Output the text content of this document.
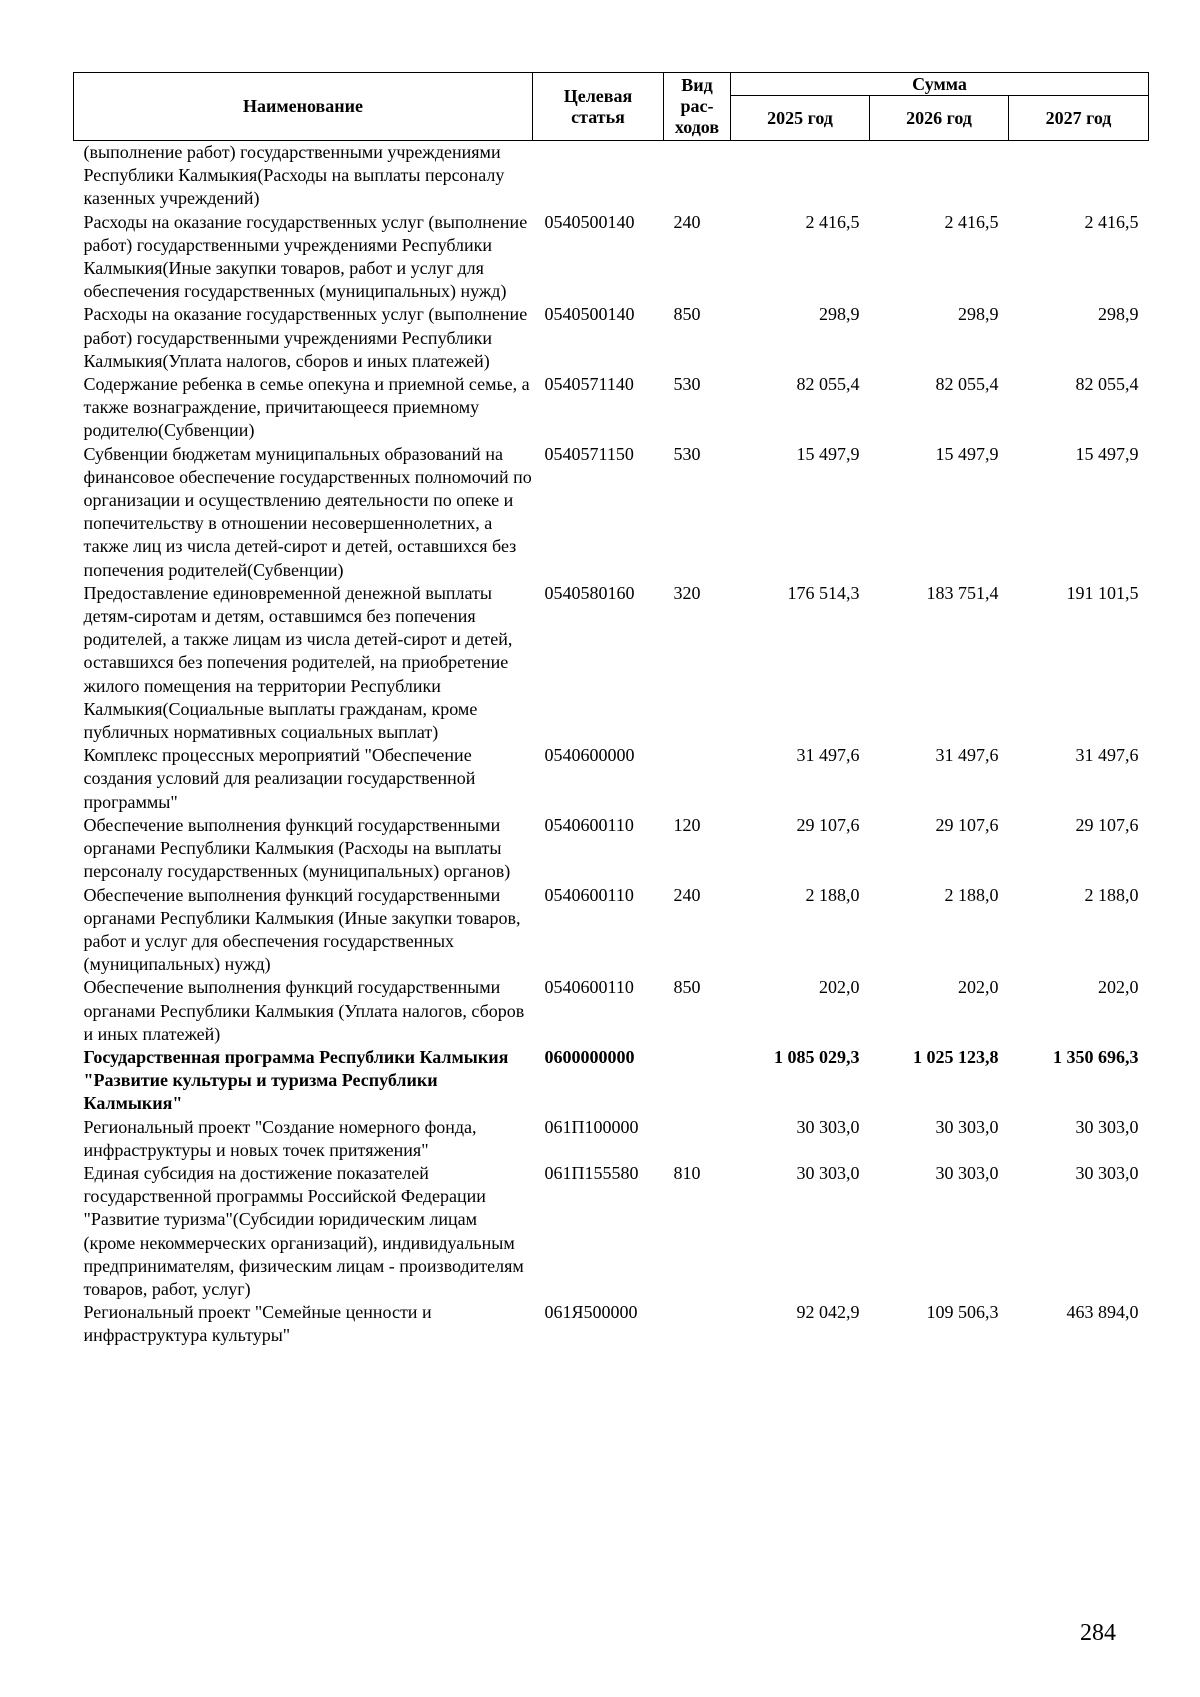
Наименование	Целевая статья	Вид рас-ходов	Сумма		
			2025 год	2026 год	2027 год
(выполнение работ) государственными учреждениями Республики Калмыкия(Расходы на выплаты персоналу казенных учреждений)					
Расходы на оказание государственных услуг (выполнение работ) государственными учреждениями Республики Калмыкия(Иные закупки товаров, работ и услуг для обеспечения государственных (муниципальных) нужд)	0540500140	240	2 416,5	2 416,5	2 416,5
Расходы на оказание государственных услуг (выполнение работ) государственными учреждениями Республики Калмыкия(Уплата налогов, сборов и иных платежей)	0540500140	850	298,9	298,9	298,9
Содержание ребенка в семье опекуна и приемной семье, а также вознаграждение, причитающееся приемному родителю(Субвенции)	0540571140	530	82 055,4	82 055,4	82 055,4
Субвенции бюджетам муниципальных образований на финансовое обеспечение государственных полномочий по организации и осуществлению деятельности по опеке и попечительству в отношении несовершеннолетних, а также лиц из числа детей-сирот и детей, оставшихся без попечения родителей(Субвенции)	0540571150	530	15 497,9	15 497,9	15 497,9
Предоставление единовременной денежной выплаты детям-сиротам и детям, оставшимся без попечения родителей, а также лицам из числа детей-сирот и детей, оставшихся без попечения родителей, на приобретение жилого помещения на территории Республики Калмыкия(Социальные выплаты гражданам, кроме публичных нормативных социальных выплат)	0540580160	320	176 514,3	183 751,4	191 101,5
Комплекс процессных мероприятий "Обеспечение создания условий для реализации государственной программы"	0540600000		31 497,6	31 497,6	31 497,6
Обеспечение выполнения функций государственными органами Республики Калмыкия (Расходы на выплаты персоналу государственных (муниципальных) органов)	0540600110	120	29 107,6	29 107,6	29 107,6
Обеспечение выполнения функций государственными органами Республики Калмыкия (Иные закупки товаров, работ и услуг для обеспечения государственных (муниципальных) нужд)	0540600110	240	2 188,0	2 188,0	2 188,0
Обеспечение выполнения функций государственными органами Республики Калмыкия (Уплата налогов, сборов и иных платежей)	0540600110	850	202,0	202,0	202,0
Государственная программа Республики Калмыкия "Развитие культуры и туризма Республики Калмыкия"	0600000000		1 085 029,3	1 025 123,8	1 350 696,3
Региональный проект "Создание номерного фонда, инфраструктуры и новых точек притяжения"	061П100000		30 303,0	30 303,0	30 303,0
Единая субсидия на достижение показателей государственной программы Российской Федерации "Развитие туризма"(Субсидии юридическим лицам (кроме некоммерческих организаций), индивидуальным предпринимателям, физическим лицам - производителям товаров, работ, услуг)	061П155580	810	30 303,0	30 303,0	30 303,0
Региональный проект "Семейные ценности и инфраструктура культуры"	061Я500000		92 042,9	109 506,3	463 894,0
284
